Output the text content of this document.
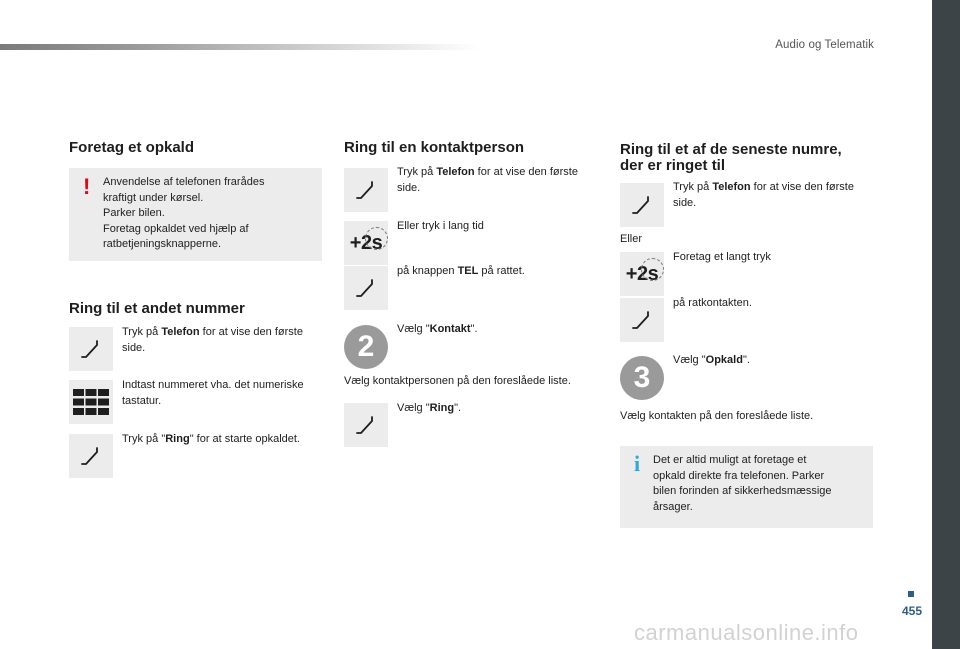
Audio og Telematik
455
carmanualsonline.info
Foretag et opkald
! Anvendelse af telefonen frarådes
kraftigt under kørsel.
Parker bilen.
Foretag opkaldet ved hjælp af
ratbetjeningsknapperne.
Ring til et andet nummer
Tryk på Telefon for at vise den første side.
Indtast nummeret vha. det numeriske tastatur.
Tryk på "Ring" for at starte opkaldet.
Ring til en kontaktperson
Tryk på Telefon for at vise den første side.
+2s
Eller tryk i lang tid
på knappen TEL på rattet.
2
Vælg "Kontakt".
Vælg kontaktpersonen på den foreslåede liste.
Vælg "Ring".
Ring til et af de seneste numre,
der er ringet til
Tryk på Telefon for at vise den første side.
Eller
+2s
Foretag et langt tryk
på ratkontakten.
3
Vælg "Opkald".
Vælg kontakten på den foreslåede liste.
i Det er altid muligt at foretage et
opkald direkte fra telefonen. Parker
bilen forinden af sikkerhedsmæssige
årsager.
